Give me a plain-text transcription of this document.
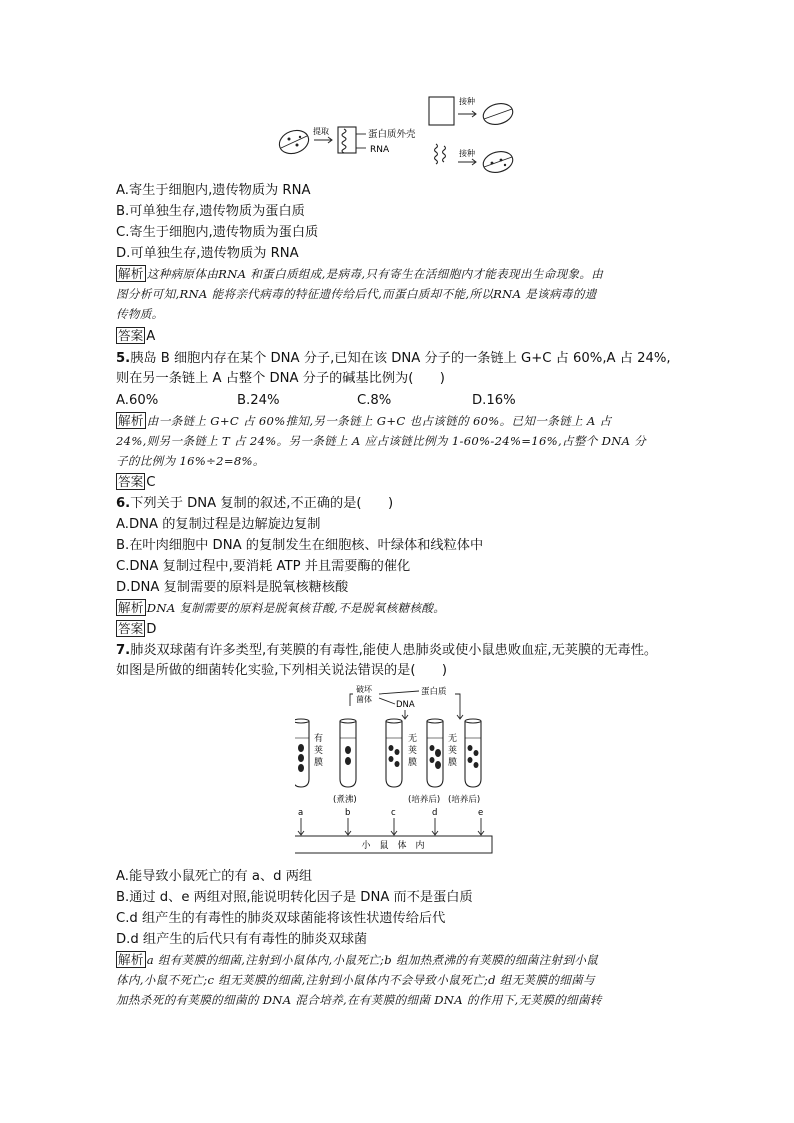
提取	蛋白质外壳
RNA
接种
接种
A.寄生于细胞内,遗传物质为 RNA
B.可单独生存,遗传物质为蛋白质
C.寄生于细胞内,遗传物质为蛋白质
D.可单独生存,遗传物质为 RNA
解析 这种病原体由RNA 和蛋白质组成,是病毒,只有寄生在活细胞内才能表现出生命现象。由
图分析可知,RNA 能将亲代病毒的特征遗传给后代,而蛋白质却不能,所以RNA 是该病毒的遗
传物质。
答案 A
5.胰岛 B 细胞内存在某个 DNA 分子,已知在该 DNA 分子的一条链上 G+C 占 60%,A 占 24%,
则在另一条链上 A 占整个 DNA 分子的碱基比例为(　　)
A.60%	B.24%	C.8%	D.16%
解析 由一条链上 G+C 占 60%推知,另一条链上 G+C 也占该链的 60%。已知一条链上 A 占
24%,则另一条链上 T 占 24%。另一条链上 A 应占该链比例为 1-60%-24%=16%,占整个 DNA 分
子的比例为 16%÷2=8%。
答案 C
6.下列关于 DNA 复制的叙述,不正确的是(　　)
A.DNA 的复制过程是边解旋边复制
B.在叶肉细胞中 DNA 的复制发生在细胞核、叶绿体和线粒体中
C.DNA 复制过程中,要消耗 ATP 并且需要酶的催化
D.DNA 复制需要的原料是脱氧核糖核酸
解析 DNA 复制需要的原料是脱氧核苷酸,不是脱氧核糖核酸。
答案 D
7.肺炎双球菌有许多类型,有荚膜的有毒性,能使人患肺炎或使小鼠患败血症,无荚膜的无毒性。
如图是所做的细菌转化实验,下列相关说法错误的是(　　)
破坏
菌体
蛋白质
DNA
有
荚
膜
(煮沸)
无
荚
膜
(培养后)
无
荚
膜
(培养后)
a	b	c	d	e
小　鼠　体　内
A.能导致小鼠死亡的有 a、d 两组
B.通过 d、e 两组对照,能说明转化因子是 DNA 而不是蛋白质
C.d 组产生的有毒性的肺炎双球菌能将该性状遗传给后代
D.d 组产生的后代只有有毒性的肺炎双球菌
解析 a 组有荚膜的细菌,注射到小鼠体内,小鼠死亡;b 组加热煮沸的有荚膜的细菌注射到小鼠
体内,小鼠不死亡;c 组无荚膜的细菌,注射到小鼠体内不会导致小鼠死亡;d 组无荚膜的细菌与
加热杀死的有荚膜的细菌的 DNA 混合培养,在有荚膜的细菌 DNA 的作用下,无荚膜的细菌转
